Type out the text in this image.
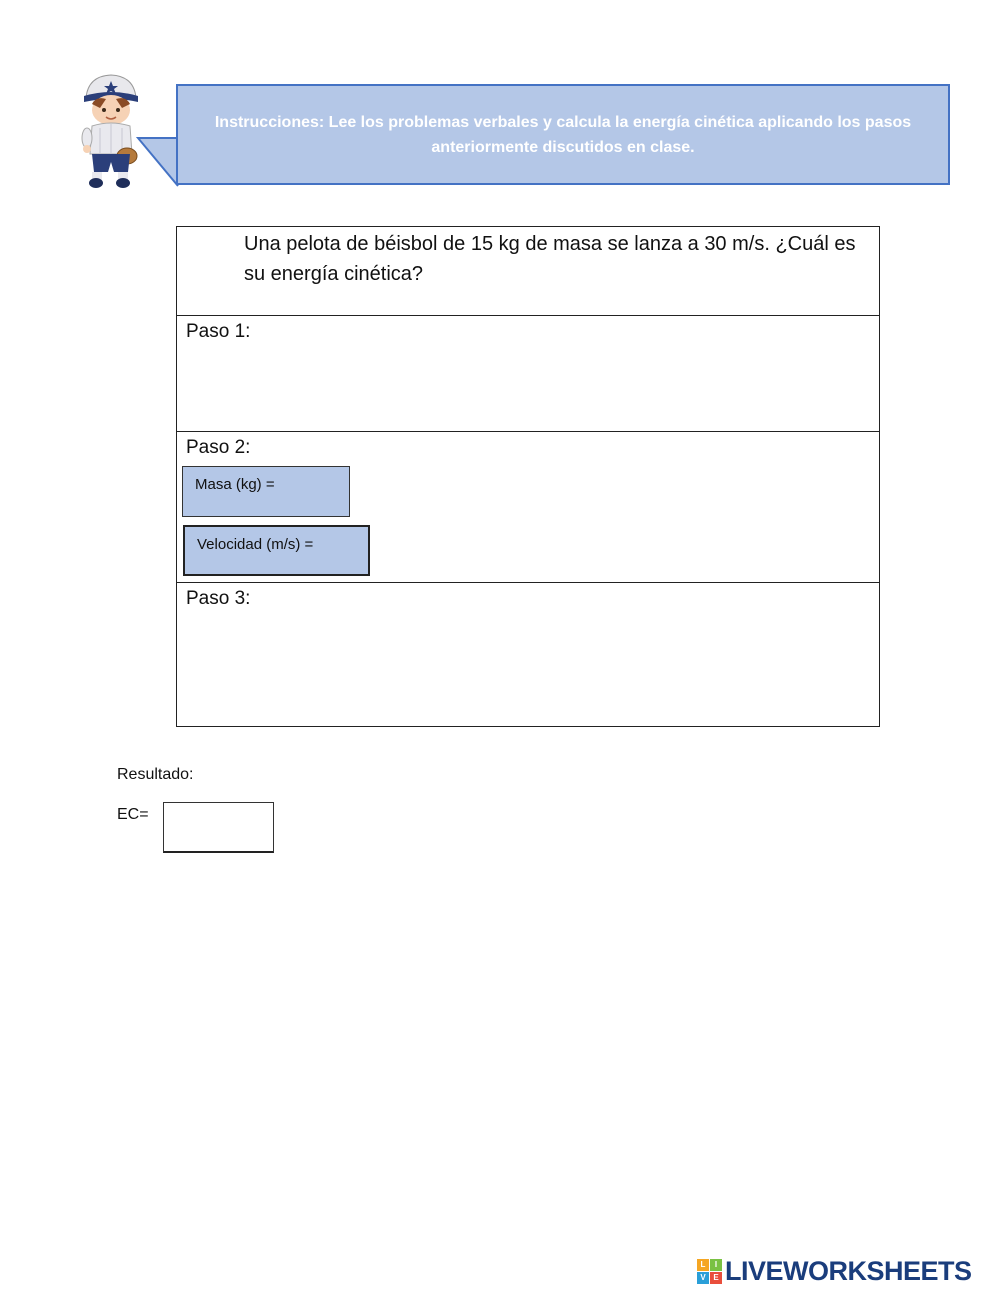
Instrucciones: Lee los problemas verbales y calcula la energía cinética aplicando los pasos anteriormente discutidos en clase.
Una pelota de béisbol de 15 kg de masa se lanza a 30 m/s. ¿Cuál es su energía cinética?
Paso 1:
Paso 2:
Masa (kg) =
Velocidad (m/s) =
Paso 3:
Resultado:
EC=
L	I
V E LIVEWORKSHEETS
